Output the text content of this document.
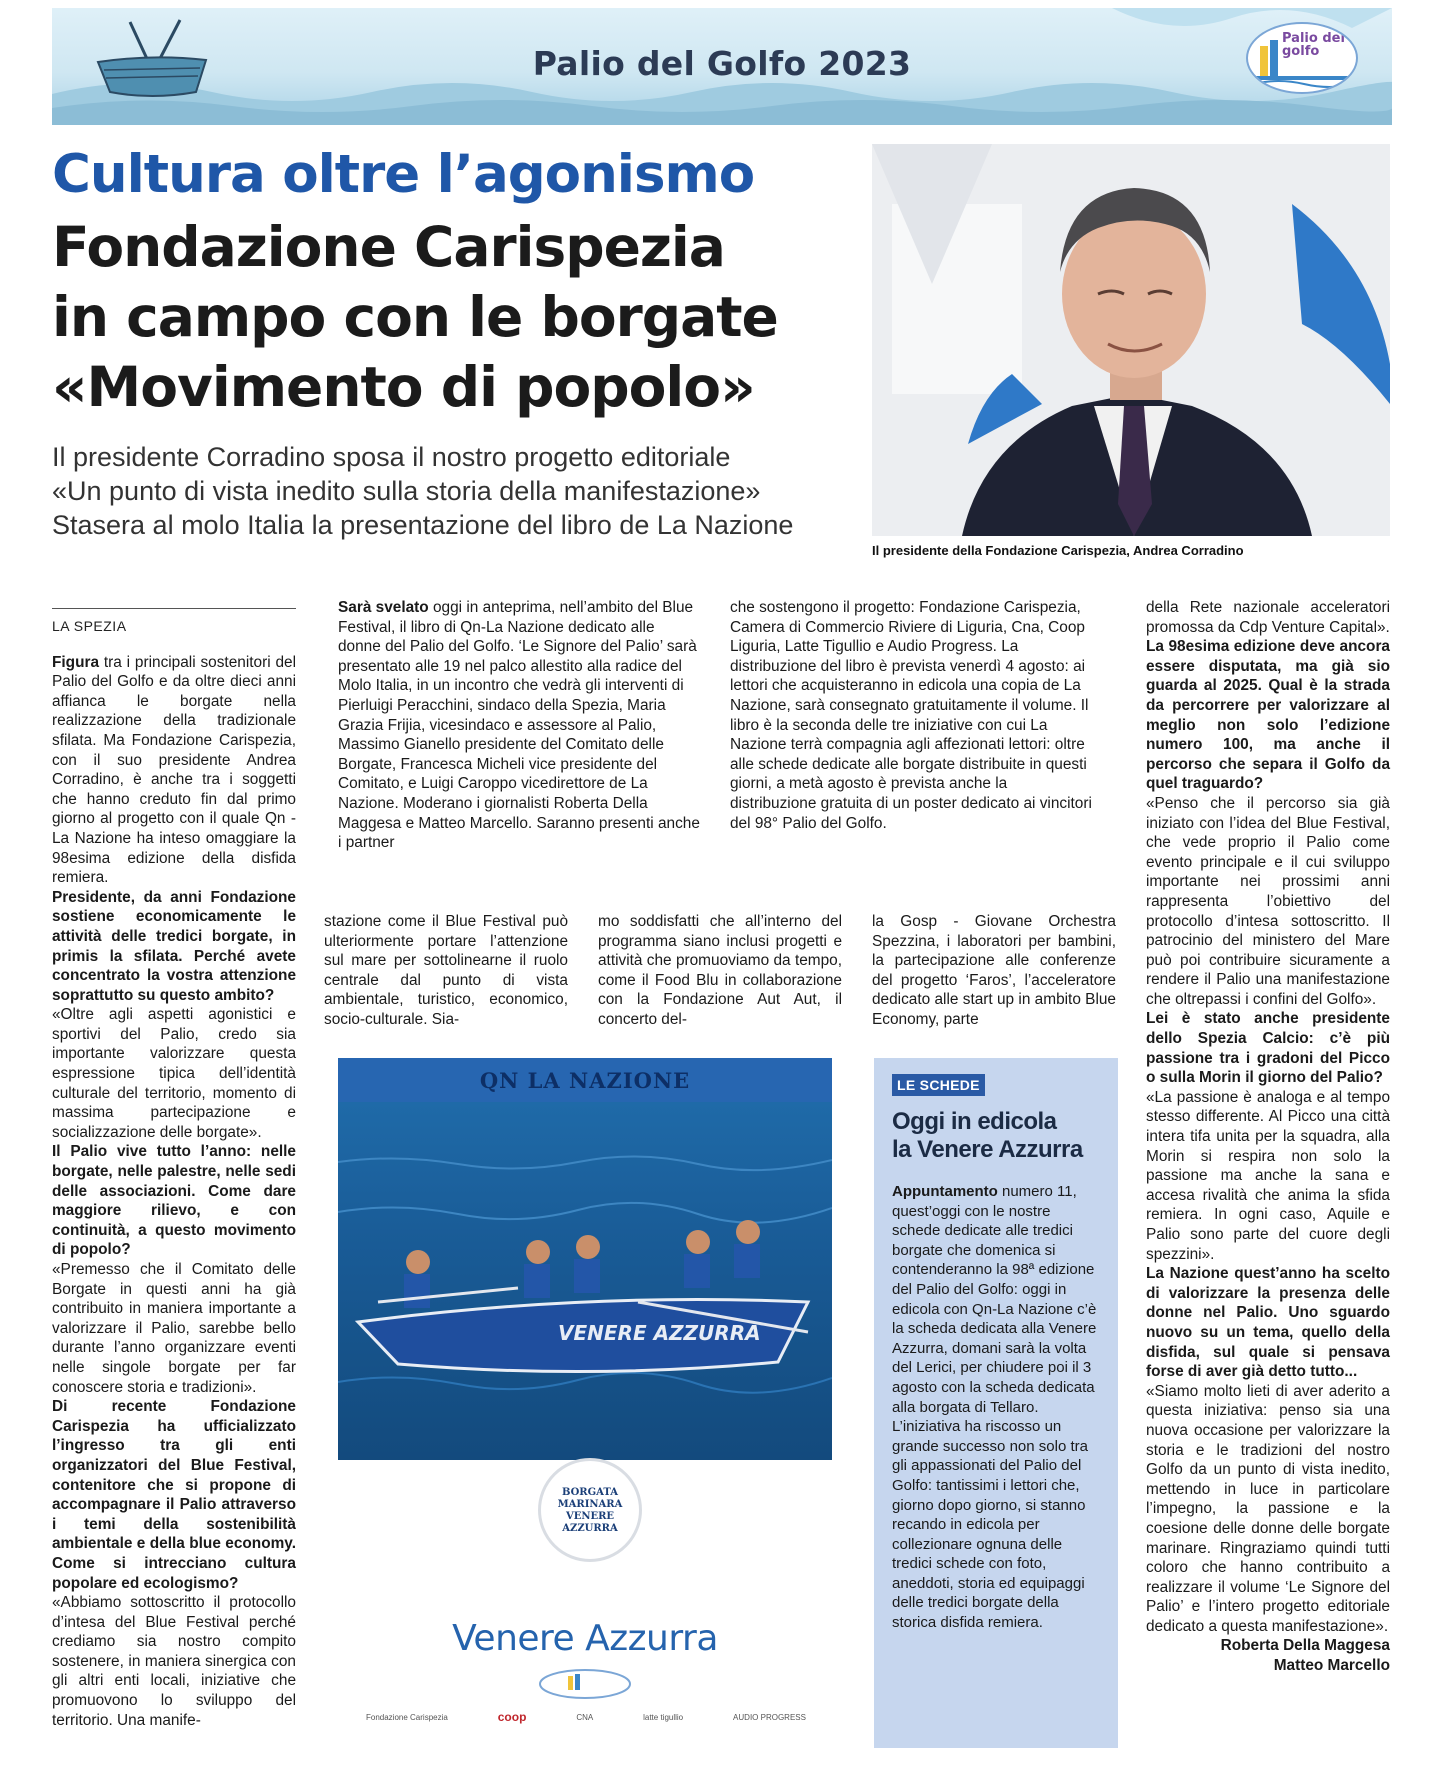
Palio del Golfo 2023
Palio del golfo
Cultura oltre l’agonismo
Fondazione Carispezia
in campo con le borgate
«Movimento di popolo»
Il presidente Corradino sposa il nostro progetto editoriale
«Un punto di vista inedito sulla storia della manifestazione»
Stasera al molo Italia la presentazione del libro de La Nazione
Il presidente della Fondazione Carispezia, Andrea Corradino
LA SPEZIA

Figura tra i principali sostenitori del Palio del Golfo e da oltre dieci anni affianca le borgate nella realizzazione della tradizionale sfilata. Ma Fondazione Carispezia, con il suo presidente Andrea Corradino, è anche tra i soggetti che hanno creduto fin dal primo giorno al progetto con il quale Qn - La Nazione ha inteso omaggiare la 98esima edizione della disfida remiera.

Presidente, da anni Fondazione sostiene economicamente le attività delle tredici borgate, in primis la sfilata. Perché avete concentrato la vostra attenzione soprattutto su questo ambito?

«Oltre agli aspetti agonistici e sportivi del Palio, credo sia importante valorizzare questa espressione tipica dell’identità culturale del territorio, momento di massima partecipazione e socializzazione delle borgate».

Il Palio vive tutto l’anno: nelle borgate, nelle palestre, nelle sedi delle associazioni. Come dare maggiore rilievo, e con continuità, a questo movimento di popolo?

«Premesso che il Comitato delle Borgate in questi anni ha già contribuito in maniera importante a valorizzare il Palio, sarebbe bello durante l’anno organizzare eventi nelle singole borgate per far conoscere storia e tradizioni».

Di recente Fondazione Carispezia ha ufficializzato l’ingresso tra gli enti organizzatori del Blue Festival, contenitore che si propone di accompagnare il Palio attraverso i temi della sostenibilità ambientale e della blue economy. Come si intrecciano cultura popolare ed ecologismo?

«Abbiamo sottoscritto il protocollo d’intesa del Blue Festival perché crediamo sia nostro compito sostenere, in maniera sinergica con gli altri enti locali, iniziative che promuovono lo sviluppo del territorio. Una manife-

Sarà svelato oggi in anteprima, nell’ambito del Blue Festival, il libro di Qn-La Nazione dedicato alle donne del Palio del Golfo. ‘Le Signore del Palio’ sarà presentato alle 19 nel palco allestito alla radice del Molo Italia, in un incontro che vedrà gli interventi di Pierluigi Peracchini, sindaco della Spezia, Maria Grazia Frijia, vicesindaco e assessore al Palio, Massimo Gianello presidente del Comitato delle Borgate, Francesca Micheli vice presidente del Comitato, e Luigi Caroppo vicedirettore de La Nazione. Moderano i giornalisti Roberta Della Maggesa e Matteo Marcello. Saranno presenti anche i partner

che sostengono il progetto: Fondazione Carispezia, Camera di Commercio Riviere di Liguria, Cna, Coop Liguria, Latte Tigullio e Audio Progress. La distribuzione del libro è prevista venerdì 4 agosto: ai lettori che acquisteranno in edicola una copia de La Nazione, sarà consegnato gratuitamente il volume. Il libro è la seconda delle tre iniziative con cui La Nazione terrà compagnia agli affezionati lettori: oltre alle schede dedicate alle borgate distribuite in questi giorni, a metà agosto è prevista anche la distribuzione gratuita di un poster dedicato ai vincitori del 98° Palio del Golfo.

stazione come il Blue Festival può ulteriormente portare l’attenzione sul mare per sottolinearne il ruolo centrale dal punto di vista ambientale, turistico, economico, socio-culturale. Sia-

mo soddisfatti che all’interno del programma siano inclusi progetti e attività che promuoviamo da tempo, come il Food Blu in collaborazione con la Fondazione Aut Aut, il concerto del-

la Gosp - Giovane Orchestra Spezzina, i laboratori per bambini, la partecipazione alle conferenze del progetto ‘Faros’, l’acceleratore dedicato alle start up in ambito Blue Economy, parte

della Rete nazionale acceleratori promossa da Cdp Venture Capital».

La 98esima edizione deve ancora essere disputata, ma già sio guarda al 2025. Qual è la strada da percorrere per valorizzare al meglio non solo l’edizione numero 100, ma anche il percorso che separa il Golfo da quel traguardo?

«Penso che il percorso sia già iniziato con l’idea del Blue Festival, che vede proprio il Palio come evento principale e il cui sviluppo importante nei prossimi anni rappresenta l’obiettivo del protocollo d’intesa sottoscritto. Il patrocinio del ministero del Mare può poi contribuire sicuramente a rendere il Palio una manifestazione che oltrepassi i confini del Golfo».

Lei è stato anche presidente dello Spezia Calcio: c’è più passione tra i gradoni del Picco o sulla Morin il giorno del Palio?

«La passione è analoga e al tempo stesso differente. Al Picco una città intera tifa unita per la squadra, alla Morin si respira non solo la passione ma anche la sana e accesa rivalità che anima la sfida remiera. In ogni caso, Aquile e Palio sono parte del cuore degli spezzini».

La Nazione quest’anno ha scelto di valorizzare la presenza delle donne nel Palio. Uno sguardo nuovo su un tema, quello della disfida, sul quale si pensava forse di aver già detto tutto...

«Siamo molto lieti di aver aderito a questa iniziativa: penso sia una nuova occasione per valorizzare la storia e le tradizioni del nostro Golfo da un punto di vista inedito, mettendo in luce in particolare l’impegno, la passione e la coesione delle donne delle borgate marinare. Ringraziamo quindi tutti coloro che hanno contribuito a realizzare il volume ‘Le Signore del Palio’ e l’intero progetto editoriale dedicato a questa manifestazione».

Roberta Della Maggesa

Matteo Marcello

QN LA NAZIONE
VENERE AZZURRA
BORGATA
MARINARA
VENERE
AZZURRA
Venere Azzurra
Fondazione Carispezia	coop	CNA	latte tigullio	AUDIO PROGRESS
LE SCHEDE
Oggi in edicola
la Venere Azzurra

Appuntamento numero 11, quest’oggi con le nostre schede dedicate alle tredici borgate che domenica si contenderanno la 98ª edizione del Palio del Golfo: oggi in edicola con Qn-La Nazione c’è la scheda dedicata alla Venere Azzurra, domani sarà la volta del Lerici, per chiudere poi il 3 agosto con la scheda dedicata alla borgata di Tellaro. L’iniziativa ha riscosso un grande successo non solo tra gli appassionati del Palio del Golfo: tantissimi i lettori che, giorno dopo giorno, si stanno recando in edicola per collezionare ognuna delle tredici schede con foto, aneddoti, storia ed equipaggi delle tredici borgate della storica disfida remiera.
